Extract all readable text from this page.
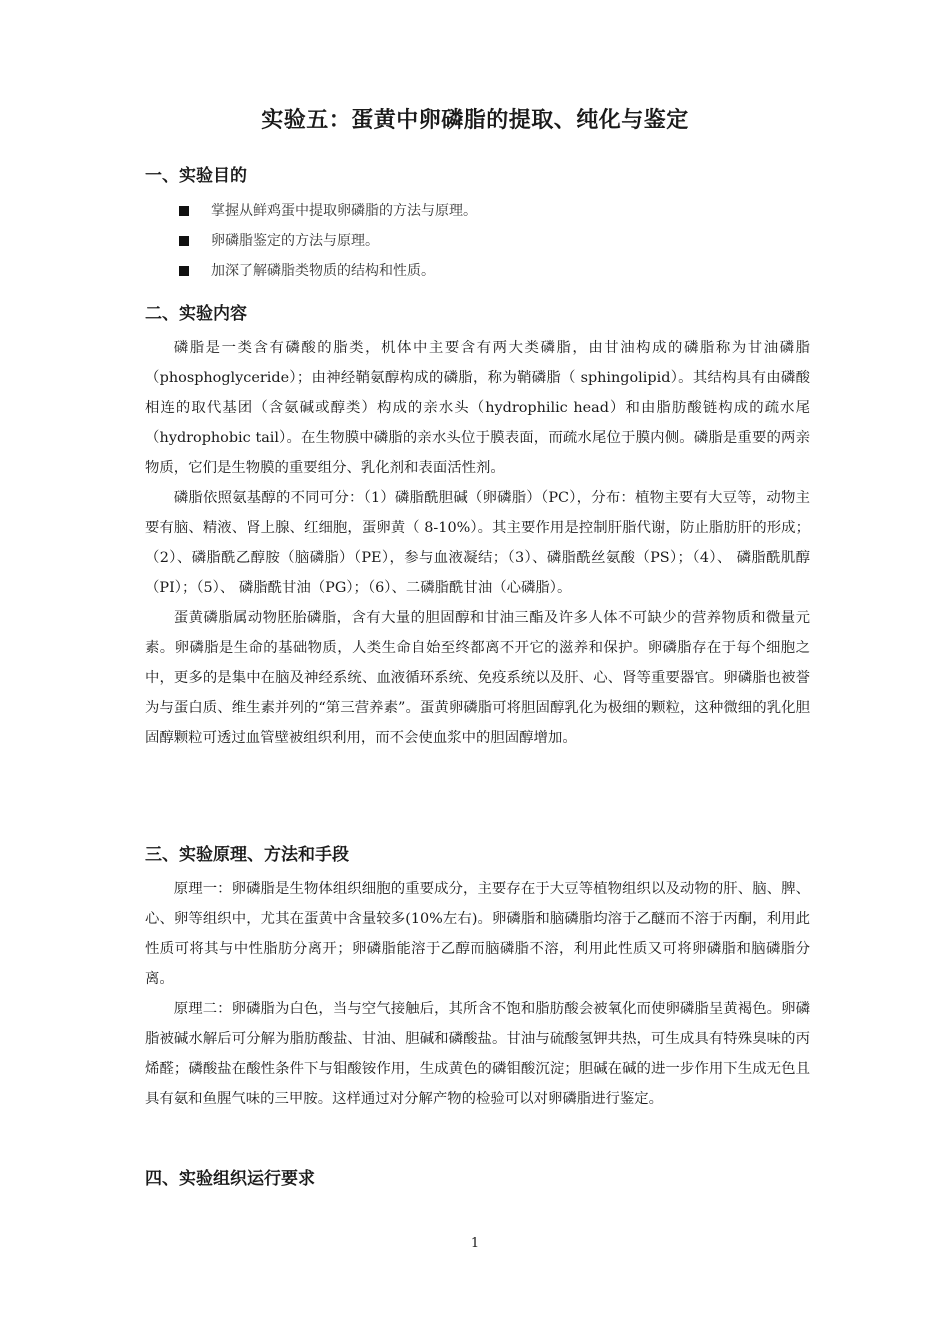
实验五：蛋黄中卵磷脂的提取、纯化与鉴定
一、实验目的
掌握从鲜鸡蛋中提取卵磷脂的方法与原理。
卵磷脂鉴定的方法与原理。
加深了解磷脂类物质的结构和性质。
二、实验内容

磷脂是一类含有磷酸的脂类，机体中主要含有两大类磷脂，由甘油构成的磷脂称为甘油磷脂（phosphoglyceride）；由神经鞘氨醇构成的磷脂，称为鞘磷脂（ sphingolipid）。其结构具有由磷酸相连的取代基团（含氨碱或醇类）构成的亲水头（hydrophilic head）和由脂肪酸链构成的疏水尾（hydrophobic tail）。在生物膜中磷脂的亲水头位于膜表面，而疏水尾位于膜内侧。磷脂是重要的两亲物质，它们是生物膜的重要组分、乳化剂和表面活性剂。

磷脂依照氨基醇的不同可分：（1）磷脂酰胆碱（卵磷脂）（PC），分布：植物主要有大豆等，动物主要有脑、精液、肾上腺、红细胞，蛋卵黄（ 8-10%）。其主要作用是控制肝脂代谢，防止脂肪肝的形成；（2）、磷脂酰乙醇胺（脑磷脂）（PE），参与血液凝结；（3）、磷脂酰丝氨酸（PS）；（4）、 磷脂酰肌醇（PI）；（5）、 磷脂酰甘油（PG）；（6）、二磷脂酰甘油（心磷脂）。

蛋黄磷脂属动物胚胎磷脂，含有大量的胆固醇和甘油三酯及许多人体不可缺少的营养物质和微量元素。卵磷脂是生命的基础物质，人类生命自始至终都离不开它的滋养和保护。卵磷脂存在于每个细胞之中，更多的是集中在脑及神经系统、血液循环系统、免疫系统以及肝、心、肾等重要器官。卵磷脂也被誉为与蛋白质、维生素并列的“第三营养素”。蛋黄卵磷脂可将胆固醇乳化为极细的颗粒，这种微细的乳化胆固醇颗粒可透过血管壁被组织利用，而不会使血浆中的胆固醇增加。

三、实验原理、方法和手段

原理一：卵磷脂是生物体组织细胞的重要成分，主要存在于大豆等植物组织以及动物的肝、脑、脾、心、卵等组织中，尤其在蛋黄中含量较多(10%左右)。卵磷脂和脑磷脂均溶于乙醚而不溶于丙酮，利用此性质可将其与中性脂肪分离开；卵磷脂能溶于乙醇而脑磷脂不溶，利用此性质又可将卵磷脂和脑磷脂分离。

原理二：卵磷脂为白色，当与空气接触后，其所含不饱和脂肪酸会被氧化而使卵磷脂呈黄褐色。卵磷脂被碱水解后可分解为脂肪酸盐、甘油、胆碱和磷酸盐。甘油与硫酸氢钾共热，可生成具有特殊臭味的丙烯醛；磷酸盐在酸性条件下与钼酸铵作用，生成黄色的磷钼酸沉淀；胆碱在碱的进一步作用下生成无色且具有氨和鱼腥气味的三甲胺。这样通过对分解产物的检验可以对卵磷脂进行鉴定。

四、实验组织运行要求
1
